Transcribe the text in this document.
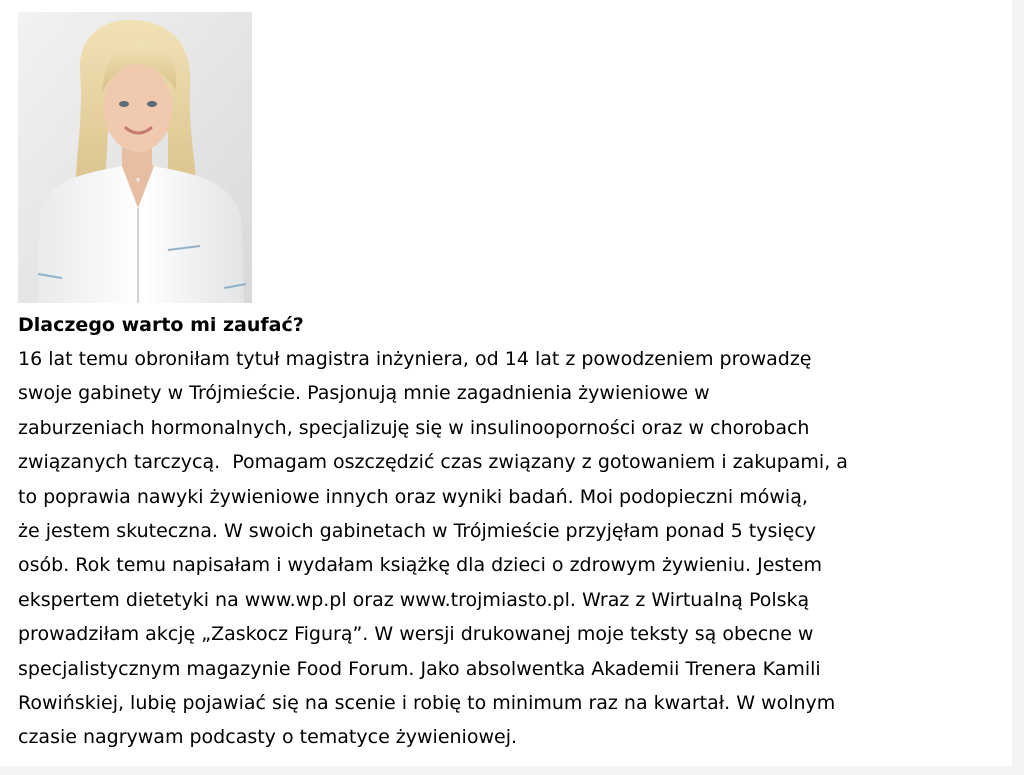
Dlaczego warto mi zaufać?
16 lat temu obroniłam tytuł magistra inżyniera, od 14 lat z powodzeniem prowadzę
swoje gabinety w Trójmieście. Pasjonują mnie zagadnienia żywieniowe w
zaburzeniach hormonalnych, specjalizuję się w insulinooporności oraz w chorobach
związanych tarczycą.  Pomagam oszczędzić czas związany z gotowaniem i zakupami, a
to poprawia nawyki żywieniowe innych oraz wyniki badań. Moi podopieczni mówią,
że jestem skuteczna. W swoich gabinetach w Trójmieście przyjęłam ponad 5 tysięcy
osób. Rok temu napisałam i wydałam książkę dla dzieci o zdrowym żywieniu. Jestem
ekspertem dietetyki na www.wp.pl oraz www.trojmiasto.pl. Wraz z Wirtualną Polską
prowadziłam akcję „Zaskocz Figurą”. W wersji drukowanej moje teksty są obecne w
specjalistycznym magazynie Food Forum. Jako absolwentka Akademii Trenera Kamili
Rowińskiej, lubię pojawiać się na scenie i robię to minimum raz na kwartał. W wolnym
czasie nagrywam podcasty o tematyce żywieniowej.
